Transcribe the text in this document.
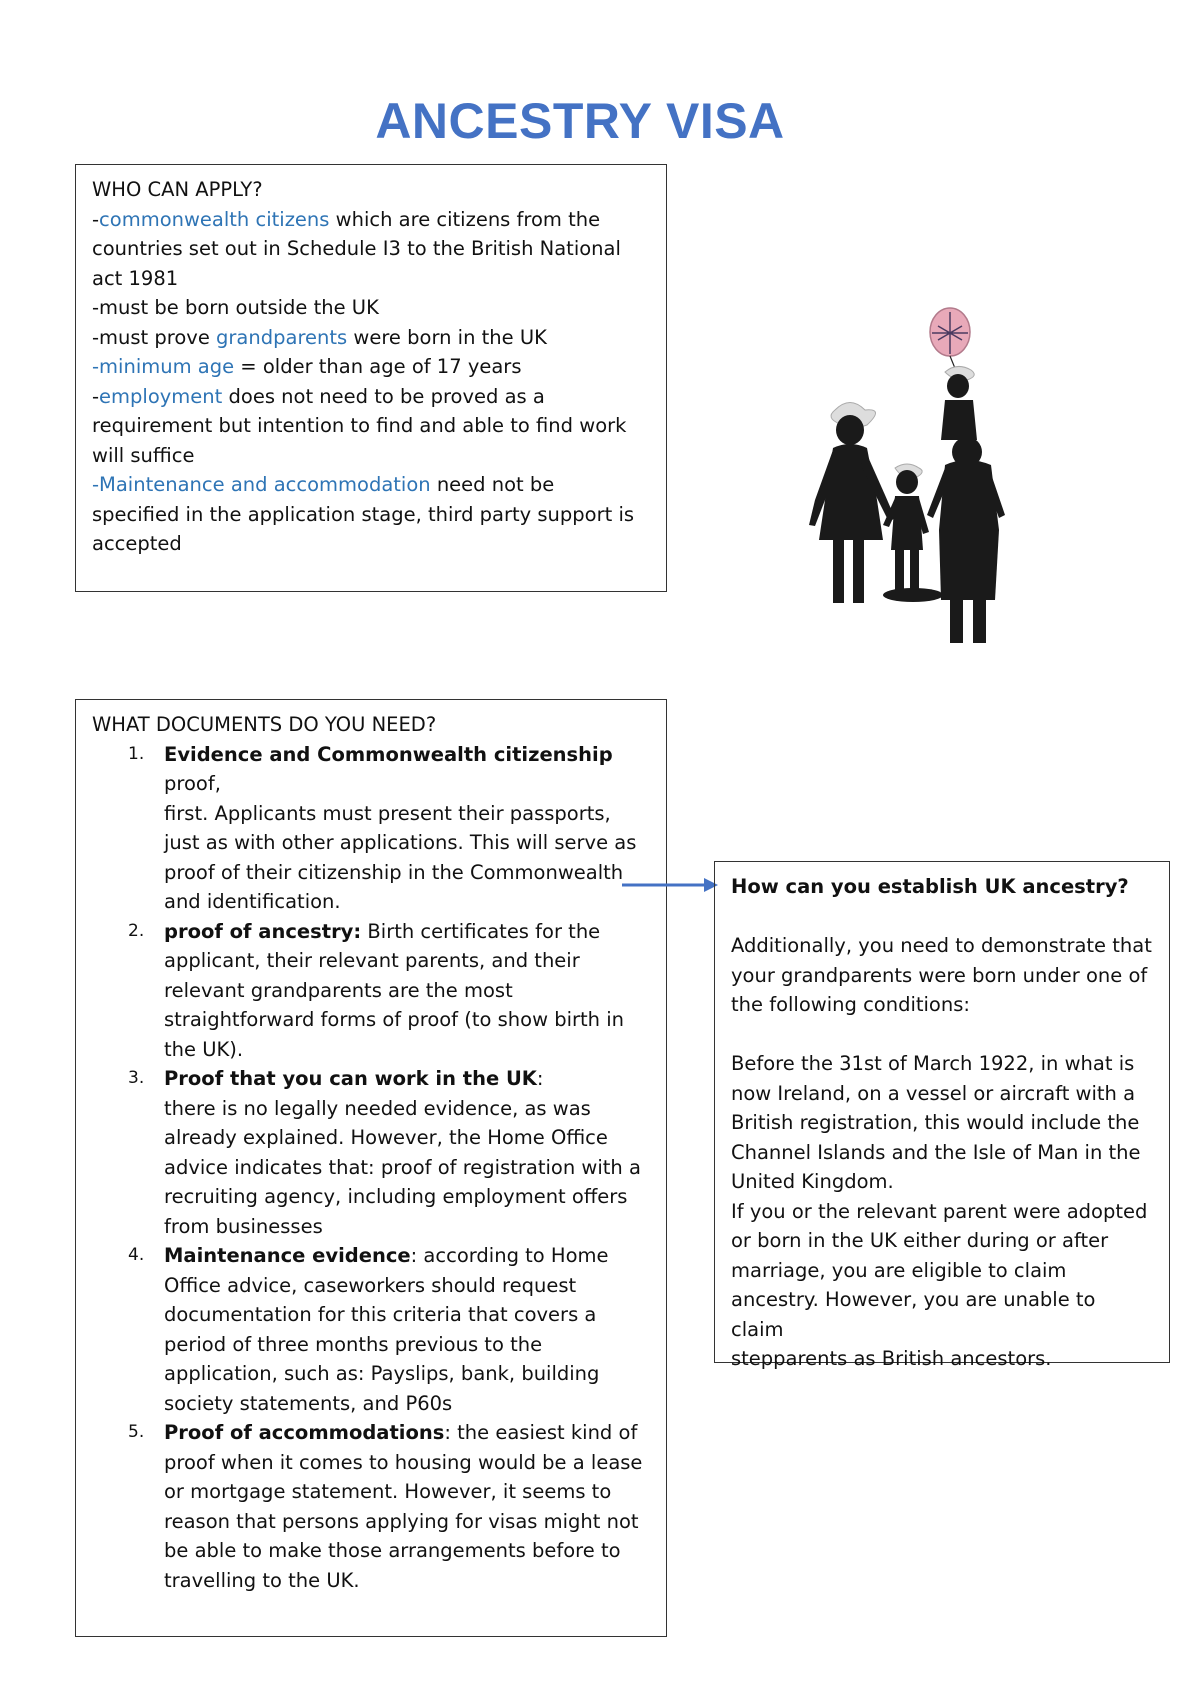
ANCESTRY VISA
WHO CAN APPLY?
-commonwealth citizens which are citizens from the
countries set out in Schedule I3 to the British National
act 1981
-must be born outside the UK
-must prove grandparents were born in the UK
-minimum age = older than age of 17 years
-employment does not need to be proved as a
requirement but intention to find and able to find work
will suffice
-Maintenance and accommodation need not be
specified in the application stage, third party support is
accepted
WHAT DOCUMENTS DO YOU NEED?
1. Evidence and Commonwealth citizenship proof,
first. Applicants must present their passports,
just as with other applications. This will serve as
proof of their citizenship in the Commonwealth
and identification.
2. proof of ancestry: Birth certificates for the
applicant, their relevant parents, and their
relevant grandparents are the most
straightforward forms of proof (to show birth in
the UK).
3. Proof that you can work in the UK:
there is no legally needed evidence, as was
already explained. However, the Home Office
advice indicates that: proof of registration with a
recruiting agency, including employment offers
from businesses
4. Maintenance evidence: according to Home
Office advice, caseworkers should request
documentation for this criteria that covers a
period of three months previous to the
application, such as: Payslips, bank, building
society statements, and P60s
5. Proof of accommodations: the easiest kind of
proof when it comes to housing would be a lease
or mortgage statement. However, it seems to
reason that persons applying for visas might not
be able to make those arrangements before to
travelling to the UK.
How can you establish UK ancestry?
Additionally, you need to demonstrate that
your grandparents were born under one of
the following conditions:
Before the 31st of March 1922, in what is
now Ireland, on a vessel or aircraft with a
British registration, this would include the
Channel Islands and the Isle of Man in the
United Kingdom.
If you or the relevant parent were adopted
or born in the UK either during or after
marriage, you are eligible to claim
ancestry. However, you are unable to claim
stepparents as British ancestors.
